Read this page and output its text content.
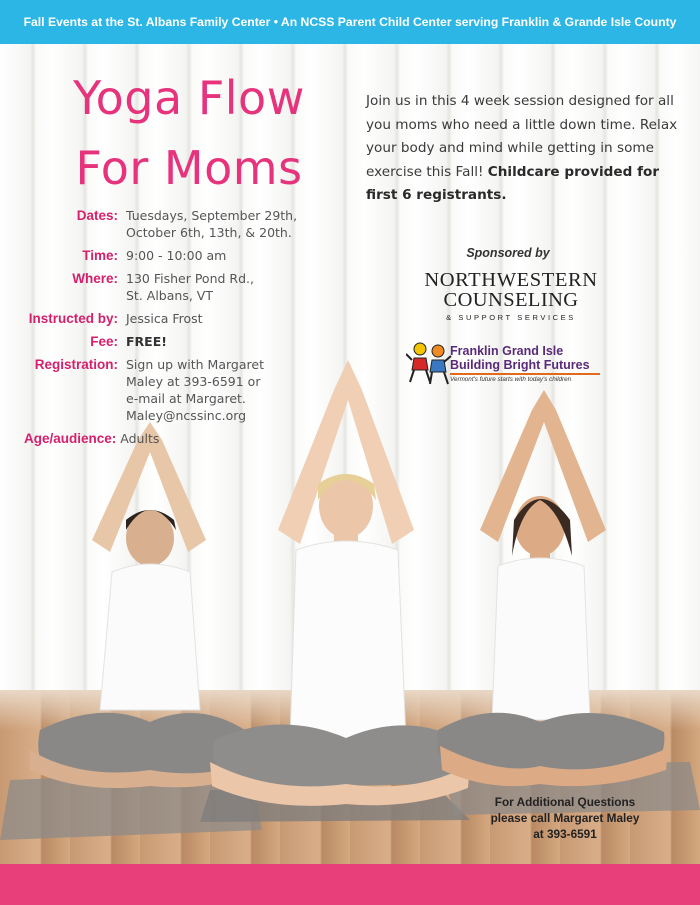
Fall Events at the St. Albans Family Center • An NCSS Parent Child Center serving Franklin & Grande Isle County
Yoga Flow
For Moms
Dates: Tuesdays, September 29th,
October 6th, 13th, & 20th.
Time: 9:00 - 10:00 am
Where: 130 Fisher Pond Rd.,
St. Albans, VT
Instructed by: Jessica Frost
Fee: FREE!
Registration: Sign up with Margaret
Maley at 393-6591 or
e-mail at Margaret.
Maley@ncssinc.org
Age/audience: Adults
Join us in this 4 week session designed for all you moms who need a little down time. Relax your body and mind while getting in some exercise this Fall! Childcare provided for first 6 registrants.
Sponsored by
NORTHWESTERN
COUNSELING
& SUPPORT SERVICES
Franklin Grand Isle
Building Bright Futures
Vermont's future starts with today's children
For Additional Questions
please call Margaret Maley
at 393-6591
